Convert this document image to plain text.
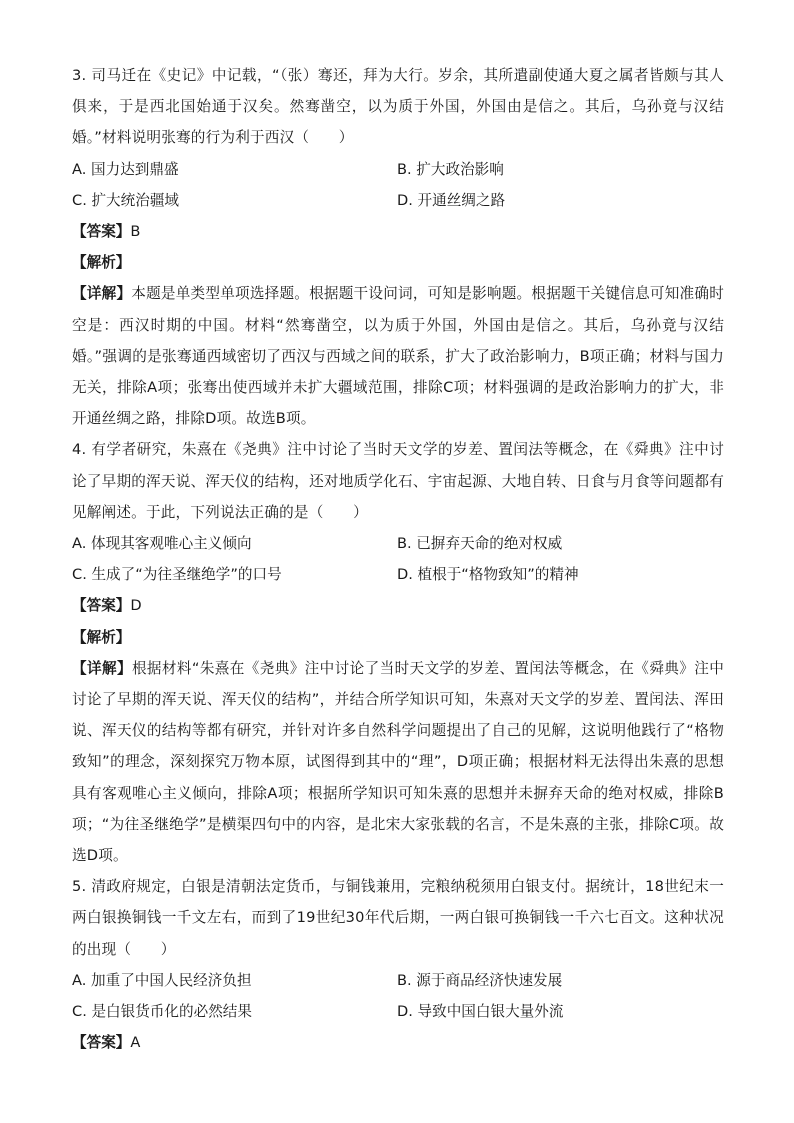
3. 司马迁在《史记》中记载，“（张）骞还，拜为大行。岁余，其所遣副使通大夏之属者皆颇与其人俱来，于是西北国始通于汉矣。然骞凿空，以为质于外国，外国由是信之。其后，乌孙竟与汉结婚。”材料说明张骞的行为利于西汉（　　）

A. 国力达到鼎盛	B. 扩大政治影响
C. 扩大统治疆域	D. 开通丝绸之路

【答案】B

【解析】

【详解】本题是单类型单项选择题。根据题干设问词，可知是影响题。根据题干关键信息可知准确时空是：西汉时期的中国。材料“然骞凿空，以为质于外国，外国由是信之。其后，乌孙竟与汉结婚。”强调的是张骞通西域密切了西汉与西域之间的联系，扩大了政治影响力，B项正确；材料与国力无关，排除A项；张骞出使西域并未扩大疆域范围，排除C项；材料强调的是政治影响力的扩大，非开通丝绸之路，排除D项。故选B项。

4. 有学者研究，朱熹在《尧典》注中讨论了当时天文学的岁差、置闰法等概念，在《舜典》注中讨论了早期的浑天说、浑天仪的结构，还对地质学化石、宇宙起源、大地自转、日食与月食等问题都有见解阐述。于此，下列说法正确的是（　　）

A. 体现其客观唯心主义倾向	B. 已摒弃天命的绝对权威
C. 生成了“为往圣继绝学”的口号	D. 植根于“格物致知”的精神

【答案】D

【解析】

【详解】根据材料“朱熹在《尧典》注中讨论了当时天文学的岁差、置闰法等概念，在《舜典》注中讨论了早期的浑天说、浑天仪的结构”，并结合所学知识可知，朱熹对天文学的岁差、置闰法、浑田说、浑天仪的结构等都有研究，并针对许多自然科学问题提出了自己的见解，这说明他践行了“格物致知”的理念，深刻探究万物本原，试图得到其中的“理”，D项正确；根据材料无法得出朱熹的思想具有客观唯心主义倾向，排除A项；根据所学知识可知朱熹的思想并未摒弃天命的绝对权威，排除B项；“为往圣继绝学”是横渠四句中的内容，是北宋大家张载的名言，不是朱熹的主张，排除C项。故选D项。

5. 清政府规定，白银是清朝法定货币，与铜钱兼用，完粮纳税须用白银支付。据统计，18世纪末一两白银换铜钱一千文左右，而到了19世纪30年代后期，一两白银可换铜钱一千六七百文。这种状况的出现（　　）

A. 加重了中国人民经济负担	B. 源于商品经济快速发展
C. 是白银货币化的必然结果	D. 导致中国白银大量外流

【答案】A
